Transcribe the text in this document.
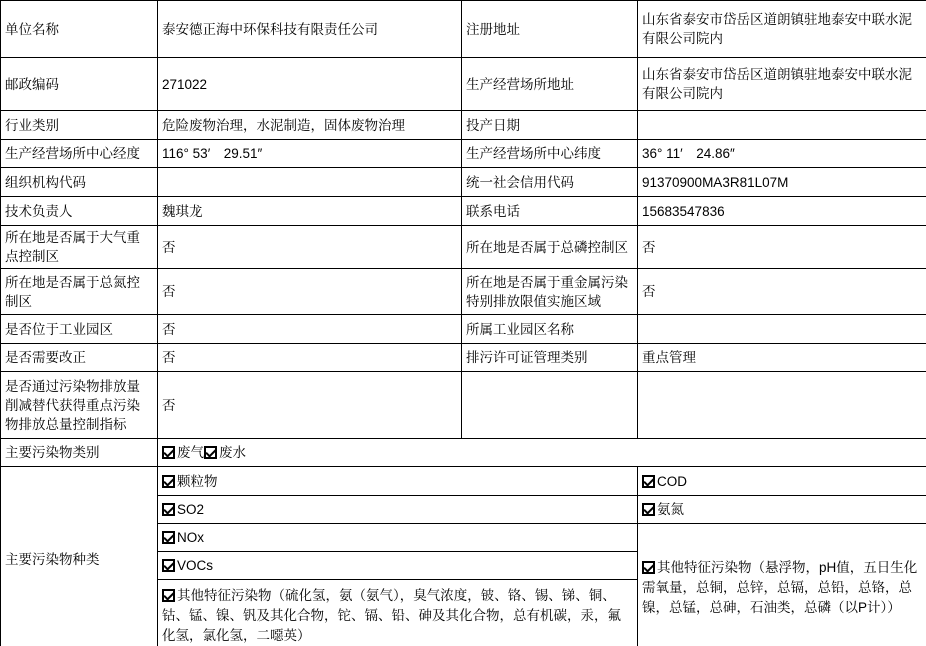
单位名称	泰安德正海中环保科技有限责任公司	注册地址	山东省泰安市岱岳区道朗镇驻地泰安中联水泥有限公司院内
邮政编码	271022	生产经营场所地址	山东省泰安市岱岳区道朗镇驻地泰安中联水泥有限公司院内
行业类别	危险废物治理，水泥制造，固体废物治理	投产日期	
生产经营场所中心经度	116° 53′　29.51″	生产经营场所中心纬度	36° 11′　24.86″
组织机构代码		统一社会信用代码	91370900MA3R81L07M
技术负责人	魏琪龙	联系电话	15683547836
所在地是否属于大气重点控制区	否	所在地是否属于总磷控制区	否
所在地是否属于总氮控制区	否	所在地是否属于重金属污染特别排放限值实施区域	否
是否位于工业园区	否	所属工业园区名称	
是否需要改正	否	排污许可证管理类别	重点管理
是否通过污染物排放量削减替代获得重点污染物排放总量控制指标	否		
主要污染物类别	废气 废水		
主要污染物种类	颗粒物		COD

SO2		氨氮

NOx		其他特征污染物（悬浮物，pH值，五日生化需氧量，总铜，总锌，总镉，总铅，总铬，总镍，总锰，总砷，石油类，总磷（以P计））

VOCs		

其他特征污染物（硫化氢，氨（氨气），臭气浓度，铍、铬、锡、锑、铜、钴、锰、镍、钒及其化合物，铊、镉、铅、砷及其化合物，总有机碳，汞，氟化氢，氯化氢，二噁英）		
